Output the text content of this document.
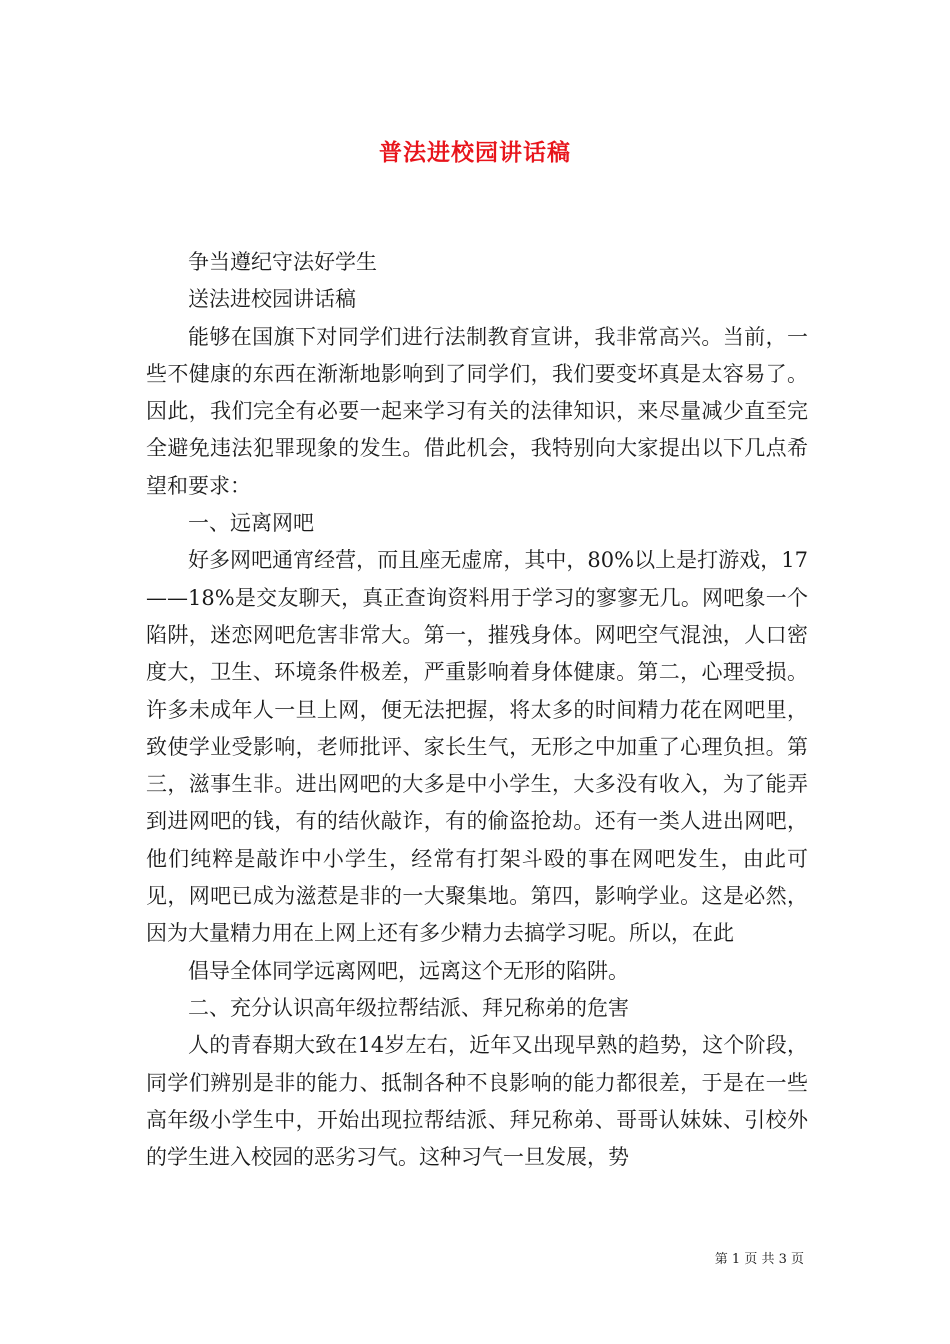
普法进校园讲话稿

争当遵纪守法好学生

送法进校园讲话稿

能够在国旗下对同学们进行法制教育宣讲，我非常高兴。当前，一些不健康的东西在渐渐地影响到了同学们，我们要变坏真是太容易了。因此，我们完全有必要一起来学习有关的法律知识，来尽量减少直至完全避免违法犯罪现象的发生。借此机会，我特别向大家提出以下几点希望和要求：

一、远离网吧

好多网吧通宵经营，而且座无虚席，其中，80%以上是打游戏，17——18%是交友聊天，真正查询资料用于学习的寥寥无几。网吧象一个陷阱，迷恋网吧危害非常大。第一，摧残身体。网吧空气混浊，人口密度大，卫生、环境条件极差，严重影响着身体健康。第二，心理受损。许多未成年人一旦上网，便无法把握，将太多的时间精力花在网吧里，致使学业受影响，老师批评、家长生气，无形之中加重了心理负担。第三，滋事生非。进出网吧的大多是中小学生，大多没有收入，为了能弄到进网吧的钱，有的结伙敲诈，有的偷盗抢劫。还有一类人进出网吧，他们纯粹是敲诈中小学生，经常有打架斗殴的事在网吧发生，由此可见，网吧已成为滋惹是非的一大聚集地。第四，影响学业。这是必然，因为大量精力用在上网上还有多少精力去搞学习呢。所以，在此

倡导全体同学远离网吧，远离这个无形的陷阱。

二、充分认识高年级拉帮结派、拜兄称弟的危害

人的青春期大致在14岁左右，近年又出现早熟的趋势，这个阶段，同学们辨别是非的能力、抵制各种不良影响的能力都很差，于是在一些高年级小学生中，开始出现拉帮结派、拜兄称弟、哥哥认妹妹、引校外的学生进入校园的恶劣习气。这种习气一旦发展，势

第 1 页 共 3 页
